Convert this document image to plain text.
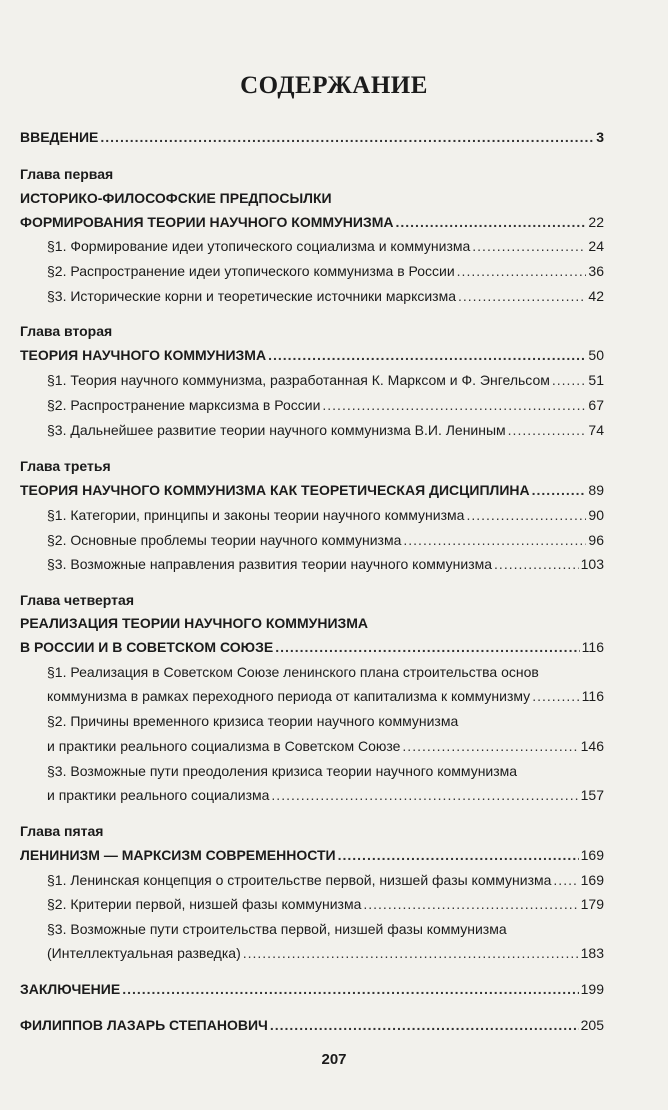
СОДЕРЖАНИЕ
ВВЕДЕНИЕ .....	3
Глава первая
ИСТОРИКО-ФИЛОСОФСКИЕ ПРЕДПОСЫЛКИ
ФОРМИРОВАНИЯ ТЕОРИИ НАУЧНОГО КОММУНИЗМА .....	22
§1. Формирование идеи утопического социализма и коммунизма .....	24
§2. Распространение идеи утопического коммунизма в России .....	36
§3. Исторические корни и теоретические источники марксизма .....	42
Глава вторая
ТЕОРИЯ НАУЧНОГО КОММУНИЗМА .....	50
§1. Теория научного коммунизма, разработанная К. Марксом и Ф. Энгельсом .....	51
§2. Распространение марксизма в России .....	67
§3. Дальнейшее развитие теории научного коммунизма В.И. Лениным .....	74
Глава третья
ТЕОРИЯ НАУЧНОГО КОММУНИЗМА КАК ТЕОРЕТИЧЕСКАЯ ДИСЦИПЛИНА .....	89
§1. Категории, принципы и законы теории научного коммунизма .....	90
§2. Основные проблемы теории научного коммунизма .....	96
§3. Возможные направления развития теории научного коммунизма .....	103
Глава четвертая
РЕАЛИЗАЦИЯ ТЕОРИИ НАУЧНОГО КОММУНИЗМА
В РОССИИ И В СОВЕТСКОМ СОЮЗЕ .....	116
§1. Реализация в Советском Союзе ленинского плана строительства основ
коммунизма в рамках переходного периода от капитализма к коммунизму .....	116
§2. Причины временного кризиса теории научного коммунизма
и практики реального социализма в Советском Союзе .....	146
§3. Возможные пути преодоления кризиса теории научного коммунизма
и практики реального социализма .....	157
Глава пятая
ЛЕНИНИЗМ — МАРКСИЗМ СОВРЕМЕННОСТИ .....	169
§1. Ленинская концепция о строительстве первой, низшей фазы коммунизма ..... 169
§2. Критерии первой, низшей фазы коммунизма .....	179
§3. Возможные пути строительства первой, низшей фазы коммунизма
(Интеллектуальная разведка) .....	183
ЗАКЛЮЧЕНИЕ .....	199
ФИЛИППОВ ЛАЗАРЬ СТЕПАНОВИЧ .....	205
207
